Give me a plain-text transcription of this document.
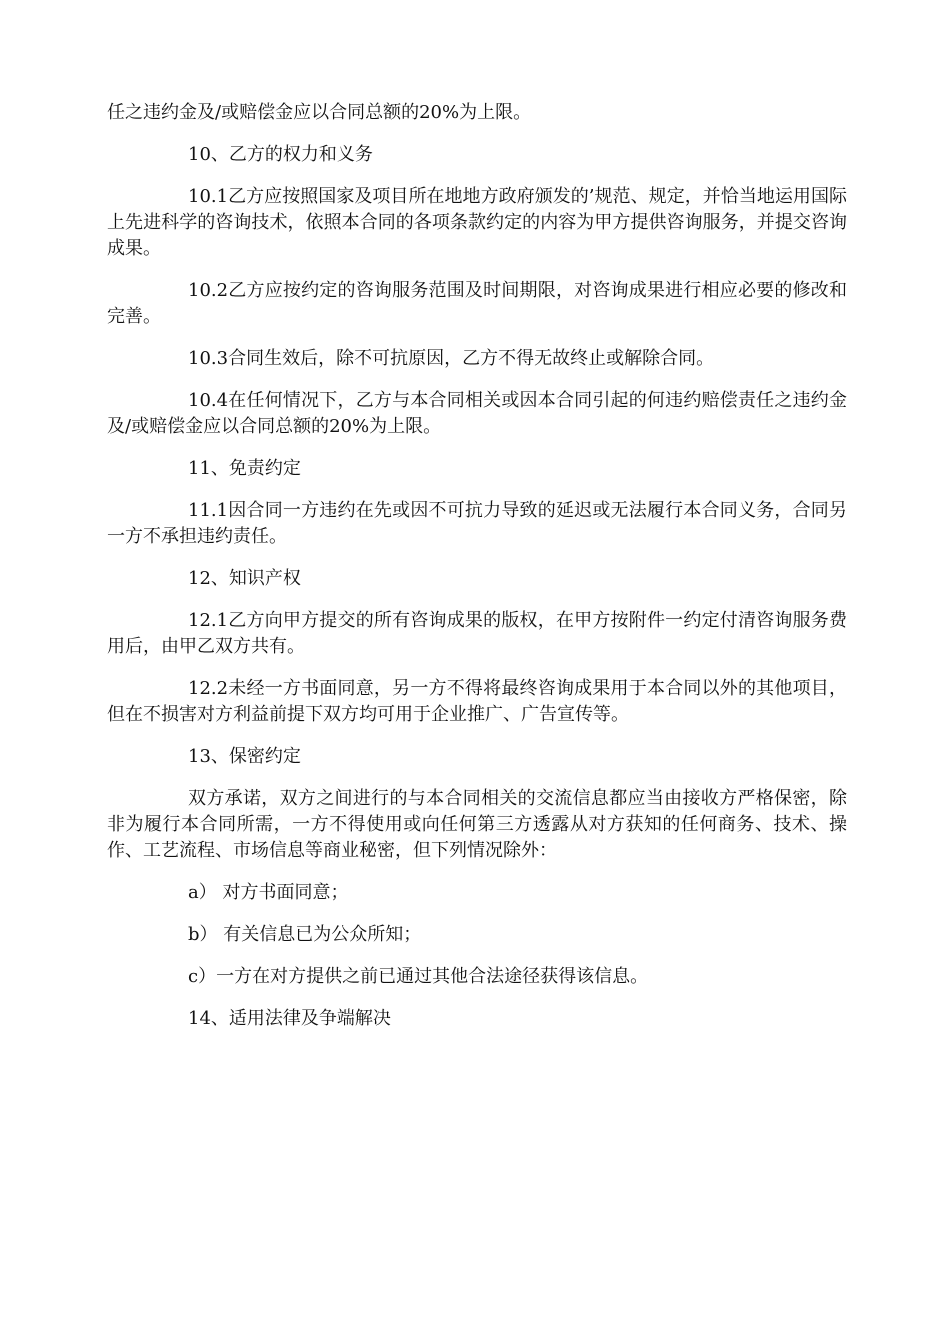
任之违约金及/或赔偿金应以合同总额的20%为上限。

10、乙方的权力和义务

10.1乙方应按照国家及项目所在地地方政府颁发的’规范、规定，并恰当地运用国际上先进科学的咨询技术，依照本合同的各项条款约定的内容为甲方提供咨询服务，并提交咨询成果。

10.2乙方应按约定的咨询服务范围及时间期限，对咨询成果进行相应必要的修改和完善。

10.3合同生效后，除不可抗原因，乙方不得无故终止或解除合同。

10.4在任何情况下，乙方与本合同相关或因本合同引起的何违约赔偿责任之违约金及/或赔偿金应以合同总额的20%为上限。

11、免责约定

11.1因合同一方违约在先或因不可抗力导致的延迟或无法履行本合同义务，合同另一方不承担违约责任。

12、知识产权

12.1乙方向甲方提交的所有咨询成果的版权，在甲方按附件一约定付清咨询服务费用后，由甲乙双方共有。

12.2未经一方书面同意，另一方不得将最终咨询成果用于本合同以外的其他项目，但在不损害对方利益前提下双方均可用于企业推广、广告宣传等。

13、保密约定

双方承诺，双方之间进行的与本合同相关的交流信息都应当由接收方严格保密，除非为履行本合同所需，一方不得使用或向任何第三方透露从对方获知的任何商务、技术、操作、工艺流程、市场信息等商业秘密，但下列情况除外：

a） 对方书面同意；

b） 有关信息已为公众所知；

c）一方在对方提供之前已通过其他合法途径获得该信息。

14、适用法律及争端解决
